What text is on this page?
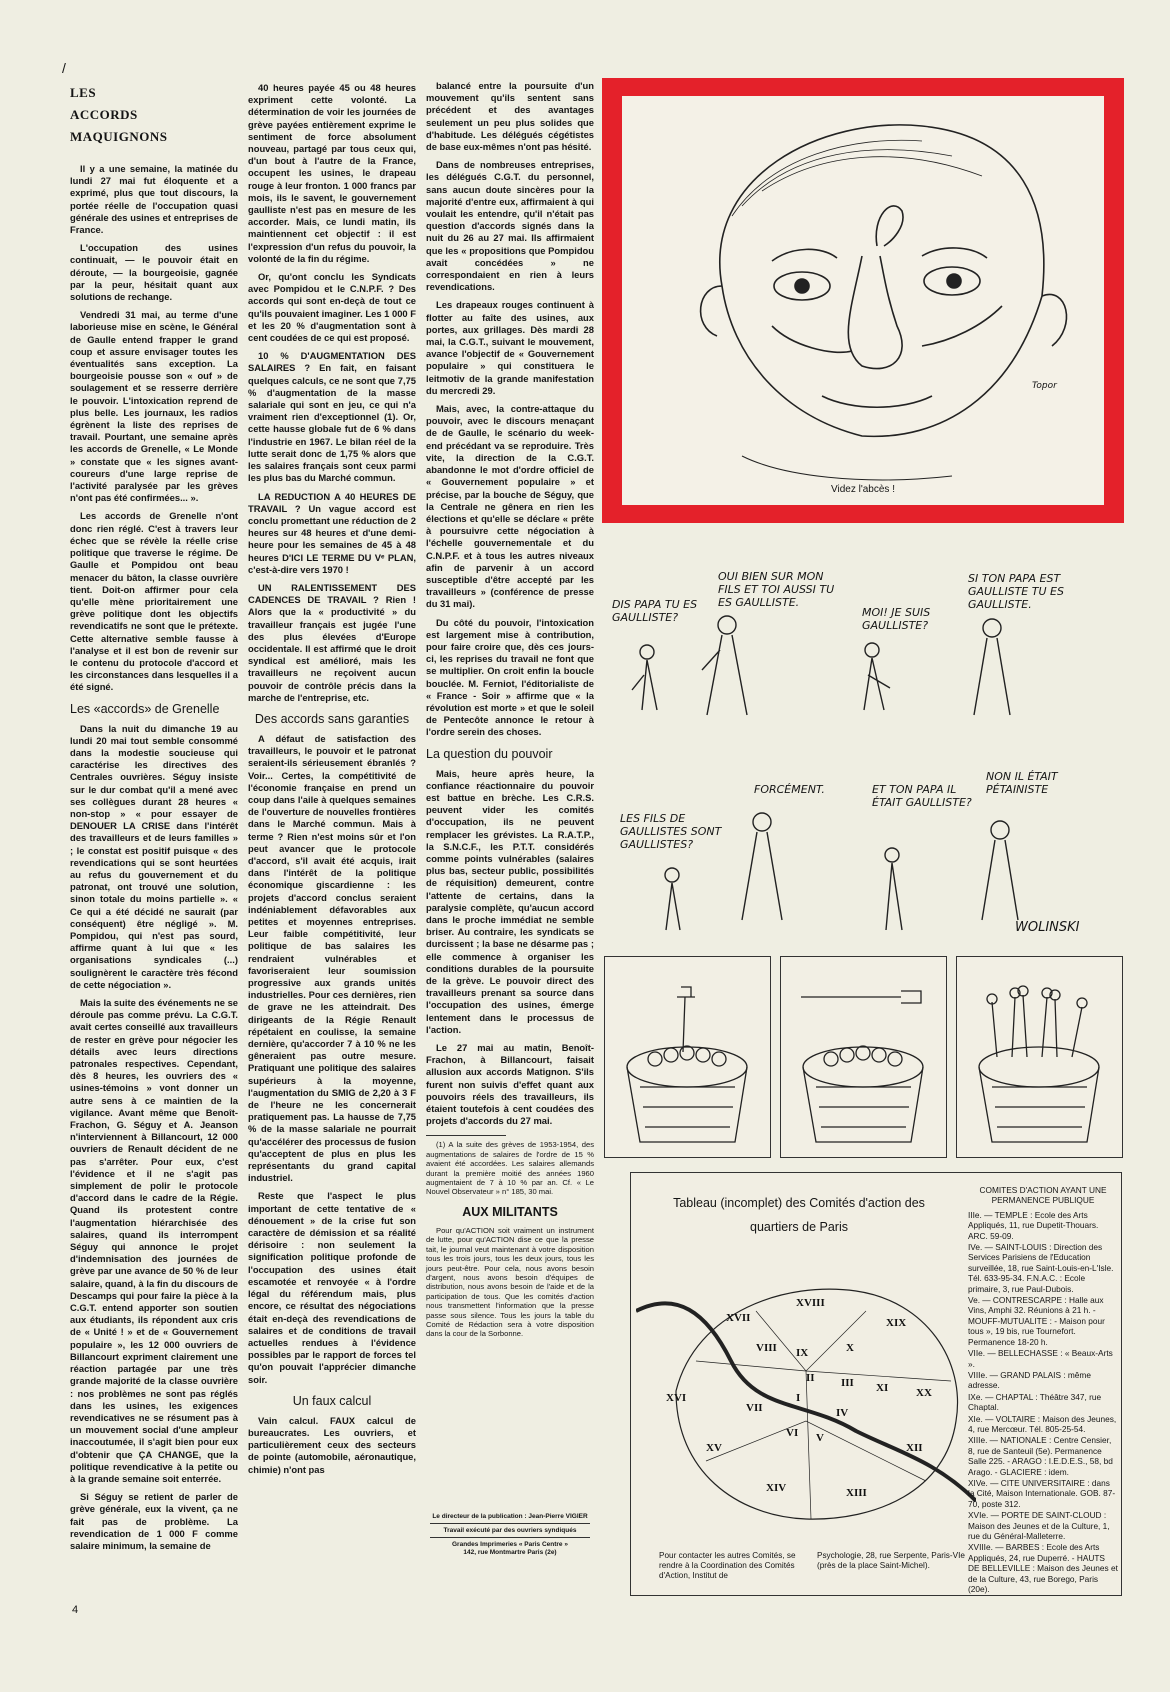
/
LES
ACCORDS
MAQUIGNONS

Il y a une semaine, la matinée du lundi 27 mai fut éloquente et a exprimé, plus que tout discours, la portée réelle de l'occupation quasi générale des usines et entreprises de France.

L'occupation des usines continuait, — le pouvoir était en déroute, — la bourgeoisie, gagnée par la peur, hésitait quant aux solutions de rechange.

Vendredi 31 mai, au terme d'une laborieuse mise en scène, le Général de Gaulle entend frapper le grand coup et assure envisager toutes les éventualités sans exception. La bourgeoisie pousse son « ouf » de soulagement et se resserre derrière le pouvoir. L'intoxication reprend de plus belle. Les journaux, les radios égrènent la liste des reprises de travail. Pourtant, une semaine après les accords de Grenelle, « Le Monde » constate que « les signes avant-coureurs d'une large reprise de l'activité paralysée par les grèves n'ont pas été confirmées... ».

Les accords de Grenelle n'ont donc rien réglé. C'est à travers leur échec que se révèle la réelle crise politique que traverse le régime. De Gaulle et Pompidou ont beau menacer du bâton, la classe ouvrière tient. Doit-on affirmer pour cela qu'elle mène prioritairement une grève politique dont les objectifs revendicatifs ne sont que le prétexte. Cette alternative semble fausse à l'analyse et il est bon de revenir sur le contenu du protocole d'accord et les circonstances dans lesquelles il a été signé.

Les «accords» de Grenelle

Dans la nuit du dimanche 19 au lundi 20 mai tout semble consommé dans la modestie soucieuse qui caractérise les directives des Centrales ouvrières. Séguy insiste sur le dur combat qu'il a mené avec ses collègues durant 28 heures « non-stop » « pour essayer de DENOUER LA CRISE dans l'intérêt des travailleurs et de leurs familles » ; le constat est positif puisque « des revendications qui se sont heurtées au refus du gouvernement et du patronat, ont trouvé une solution, sinon totale du moins partielle ». « Ce qui a été décidé ne saurait (par conséquent) être négligé ». M. Pompidou, qui n'est pas sourd, affirme quant à lui que « les organisations syndicales (...) soulignèrent le caractère très fécond de cette négociation ».

Mais la suite des événements ne se déroule pas comme prévu. La C.G.T. avait certes conseillé aux travailleurs de rester en grève pour négocier les détails avec leurs directions patronales respectives. Cependant, dès 8 heures, les ouvriers des « usines-témoins » vont donner un autre sens à ce maintien de la vigilance. Avant même que Benoît-Frachon, G. Séguy et A. Jeanson n'interviennent à Billancourt, 12 000 ouvriers de Renault décident de ne pas s'arrêter. Pour eux, c'est l'évidence et il ne s'agit pas simplement de polir le protocole d'accord dans le cadre de la Régie. Quand ils protestent contre l'augmentation hiérarchisée des salaires, quand ils interrompent Séguy qui annonce le projet d'indemnisation des journées de grève par une avance de 50 % de leur salaire, quand, à la fin du discours de Descamps qui pour faire la pièce à la C.G.T. entend apporter son soutien aux étudiants, ils répondent aux cris de « Unité ! » et de « Gouvernement populaire », les 12 000 ouvriers de Billancourt expriment clairement une réaction partagée par une très grande majorité de la classe ouvrière : nos problèmes ne sont pas réglés dans les usines, les exigences revendicatives ne se résument pas à un mouvement social d'une ampleur inaccoutumée, il s'agit bien pour eux d'obtenir que ÇA CHANGE, que la politique revendicative à la petite ou à la grande semaine soit enterrée.

Si Séguy se retient de parler de grève générale, eux la vivent, ça ne fait pas de problème. La revendication de 1 000 F comme salaire minimum, la semaine de

40 heures payée 45 ou 48 heures expriment cette volonté. La détermination de voir les journées de grève payées entièrement exprime le sentiment de force absolument nouveau, partagé par tous ceux qui, d'un bout à l'autre de la France, occupent les usines, le drapeau rouge à leur fronton. 1 000 francs par mois, ils le savent, le gouvernement gaulliste n'est pas en mesure de les accorder. Mais, ce lundi matin, ils maintiennent cet objectif : il est l'expression d'un refus du pouvoir, la volonté de la fin du régime.

Or, qu'ont conclu les Syndicats avec Pompidou et le C.N.P.F. ? Des accords qui sont en-deçà de tout ce qu'ils pouvaient imaginer. Les 1 000 F et les 20 % d'augmentation sont à cent coudées de ce qui est proposé.

10 % D'AUGMENTATION DES SALAIRES ? En fait, en faisant quelques calculs, ce ne sont que 7,75 % d'augmentation de la masse salariale qui sont en jeu, ce qui n'a vraiment rien d'exceptionnel (1). Or, cette hausse globale fut de 6 % dans l'industrie en 1967. Le bilan réel de la lutte serait donc de 1,75 % alors que les salaires français sont ceux parmi les plus bas du Marché commun.

LA REDUCTION A 40 HEURES DE TRAVAIL ? Un vague accord est conclu promettant une réduction de 2 heures sur 48 heures et d'une demi-heure pour les semaines de 45 à 48 heures D'ICI LE TERME DU Vᵉ PLAN, c'est-à-dire vers 1970 !

UN RALENTISSEMENT DES CADENCES DE TRAVAIL ? Rien ! Alors que la « productivité » du travailleur français est jugée l'une des plus élevées d'Europe occidentale. Il est affirmé que le droit syndical est amélioré, mais les travailleurs ne reçoivent aucun pouvoir de contrôle précis dans la marche de l'entreprise, etc.

Des accords sans garanties

A défaut de satisfaction des travailleurs, le pouvoir et le patronat seraient-ils sérieusement ébranlés ? Voir... Certes, la compétitivité de l'économie française en prend un coup dans l'aile à quelques semaines de l'ouverture de nouvelles frontières dans le Marché commun. Mais à terme ? Rien n'est moins sûr et l'on peut avancer que le protocole d'accord, s'il avait été acquis, irait dans l'intérêt de la politique économique giscardienne : les projets d'accord conclus seraient indéniablement défavorables aux petites et moyennes entreprises. Leur faible compétitivité, leur politique de bas salaires les rendraient vulnérables et favoriseraient leur soumission progressive aux grands unités industrielles. Pour ces dernières, rien de grave ne les atteindrait. Des dirigeants de la Régie Renault répétaient en coulisse, la semaine dernière, qu'accorder 7 à 10 % ne les gêneraient pas outre mesure. Pratiquant une politique des salaires supérieurs à la moyenne, l'augmentation du SMIG de 2,20 à 3 F de l'heure ne les concernerait pratiquement pas. La hausse de 7,75 % de la masse salariale ne pourrait qu'accélérer des processus de fusion qu'acceptent de plus en plus les représentants du grand capital industriel.

Reste que l'aspect le plus important de cette tentative de « dénouement » de la crise fut son caractère de démission et sa réalité dérisoire : non seulement la signification politique profonde de l'occupation des usines était escamotée et renvoyée « à l'ordre légal du référendum mais, plus encore, ce résultat des négociations était en-deçà des revendications de salaires et de conditions de travail actuelles rendues à l'évidence possibles par le rapport de forces tel qu'on pouvait l'apprécier dimanche soir.

Un faux calcul

Vain calcul. FAUX calcul de bureaucrates. Les ouvriers, et particulièrement ceux des secteurs de pointe (automobile, aéronautique, chimie) n'ont pas

balancé entre la poursuite d'un mouvement qu'ils sentent sans précédent et des avantages seulement un peu plus solides que d'habitude. Les délégués cégétistes de base eux-mêmes n'ont pas hésité.

Dans de nombreuses entreprises, les délégués C.G.T. du personnel, sans aucun doute sincères pour la majorité d'entre eux, affirmaient à qui voulait les entendre, qu'il n'était pas question d'accords signés dans la nuit du 26 au 27 mai. Ils affirmaient que les « propositions que Pompidou avait concédées » ne correspondaient en rien à leurs revendications.

Les drapeaux rouges continuent à flotter au faîte des usines, aux portes, aux grillages. Dès mardi 28 mai, la C.G.T., suivant le mouvement, avance l'objectif de « Gouvernement populaire » qui constituera le leitmotiv de la grande manifestation du mercredi 29.

Mais, avec, la contre-attaque du pouvoir, avec le discours menaçant de de Gaulle, le scénario du week-end précédant va se reproduire. Très vite, la direction de la C.G.T. abandonne le mot d'ordre officiel de « Gouvernement populaire » et précise, par la bouche de Séguy, que la Centrale ne gênera en rien les élections et qu'elle se déclare « prête à poursuivre cette négociation à l'échelle gouvernementale et du C.N.P.F. et à tous les autres niveaux afin de parvenir à un accord susceptible d'être accepté par les travailleurs » (conférence de presse du 31 mai).

Du côté du pouvoir, l'intoxication est largement mise à contribution, pour faire croire que, dès ces jours-ci, les reprises du travail ne font que se multiplier. On croit enfin la boucle bouclée. M. Ferniot, l'éditorialiste de « France - Soir » affirme que « la révolution est morte » et que le soleil de Pentecôte annonce le retour à l'ordre serein des choses.

La question du pouvoir

Mais, heure après heure, la confiance réactionnaire du pouvoir est battue en brèche. Les C.R.S. peuvent vider les comités d'occupation, ils ne peuvent remplacer les grévistes. La R.A.T.P., la S.N.C.F., les P.T.T. considérés comme points vulnérables (salaires plus bas, secteur public, possibilités de réquisition) demeurent, contre l'attente de certains, dans la paralysie complète, qu'aucun accord dans le proche immédiat ne semble briser. Au contraire, les syndicats se durcissent ; la base ne désarme pas ; elle commence à organiser les conditions durables de la poursuite de la grève. Le pouvoir direct des travailleurs prenant sa source dans l'occupation des usines, émerge lentement dans le processus de l'action.

Le 27 mai au matin, Benoît-Frachon, à Billancourt, faisait allusion aux accords Matignon. S'ils furent non suivis d'effet quant aux pouvoirs réels des travailleurs, ils étaient toutefois à cent coudées des projets d'accords du 27 mai.

(1) A la suite des grèves de 1953-1954, des augmentations de salaires de l'ordre de 15 % avaient été accordées. Les salaires allemands durant la première moitié des années 1960 augmentaient de 7 à 10 % par an. Cf. « Le Nouvel Observateur » n° 185, 30 mai.

AUX MILITANTS

Pour qu'ACTION soit vraiment un instrument de lutte, pour qu'ACTION dise ce que la presse tait, le journal veut maintenant à votre disposition tous les trois jours, tous les deux jours, tous les jours peut-être. Pour cela, nous avons besoin d'argent, nous avons besoin d'équipes de distribution, nous avons besoin de l'aide et de la participation de tous. Que les comités d'action nous transmettent l'information que la presse passe sous silence. Tous les jours la table du Comité de Rédaction sera à votre disposition dans la cour de la Sorbonne.

Le directeur de la publication : Jean-Pierre VIGIER
Travail exécuté par des ouvriers syndiqués
Grandes Imprimeries « Paris Centre »
142, rue Montmartre Paris (2e)
Topor
Videz l'abcès !
DIS PAPA TU ES GAULLISTE?
OUI BIEN SUR MON FILS ET TOI AUSSI TU ES GAULLISTE.
MOI! JE SUIS GAULLISTE?
SI TON PAPA EST GAULLISTE TU ES GAULLISTE.
LES FILS DE GAULLISTES SONT GAULLISTES?
FORCÉMENT.	ET TON PAPA IL ÉTAIT GAULLISTE?
NON IL ÉTAIT PÉTAINISTE
WOLINSKI
Tableau (incomplet) des Comités d'action des quartiers de Paris
XVII
XVIII
XIX
VIII IX	X
XVI
II III XI	XX
VII
I
IV
VI V
XII
XV
XIV	XIII
Pour contacter les autres Comités, se rendre à la Coordination des Comités d'Action, Institut de
Psychologie, 28, rue Serpente, Paris-VIe (près de la place Saint-Michel).
COMITES D'ACTION AYANT UNE PERMANENCE PUBLIQUE
IIIe. — TEMPLE : Ecole des Arts Appliqués, 11, rue Dupetit-Thouars. ARC. 59-09.
IVe. — SAINT-LOUIS : Direction des Services Parisiens de l'Education surveillée, 18, rue Saint-Louis-en-L'Isle. Tél. 633-95-34. F.N.A.C. : Ecole primaire, 3, rue Paul-Dubois.
Ve. — CONTRESCARPE : Halle aux Vins, Amphi 32. Réunions à 21 h. - MOUFF-MUTUALITE : - Maison pour tous », 19 bis, rue Tournefort. Permanence 18-20 h.
VIIe. — BELLECHASSE : « Beaux-Arts ».
VIIIe. — GRAND PALAIS : même adresse.
IXe. — CHAPTAL : Théâtre 347, rue Chaptal.
XIe. — VOLTAIRE : Maison des Jeunes, 4, rue Mercœur. Tél. 805-25-54.
XIIIe. — NATIONALE : Centre Censier, 8, rue de Santeuil (5e). Permanence Salle 225. - ARAGO : I.E.D.E.S., 58, bd Arago. - GLACIERE : idem.
XIVe. — CITE UNIVERSITAIRE : dans la Cité, Maison Internationale. GOB. 87-70, poste 312.
XVIe. — PORTE DE SAINT-CLOUD : Maison des Jeunes et de la Culture, 1, rue du Général-Malleterre.
XVIIIe. — BARBES : Ecole des Arts Appliqués, 24, rue Duperré. - HAUTS DE BELLEVILLE : Maison des Jeunes et de la Culture, 43, rue Borego, Paris (20e).
4
